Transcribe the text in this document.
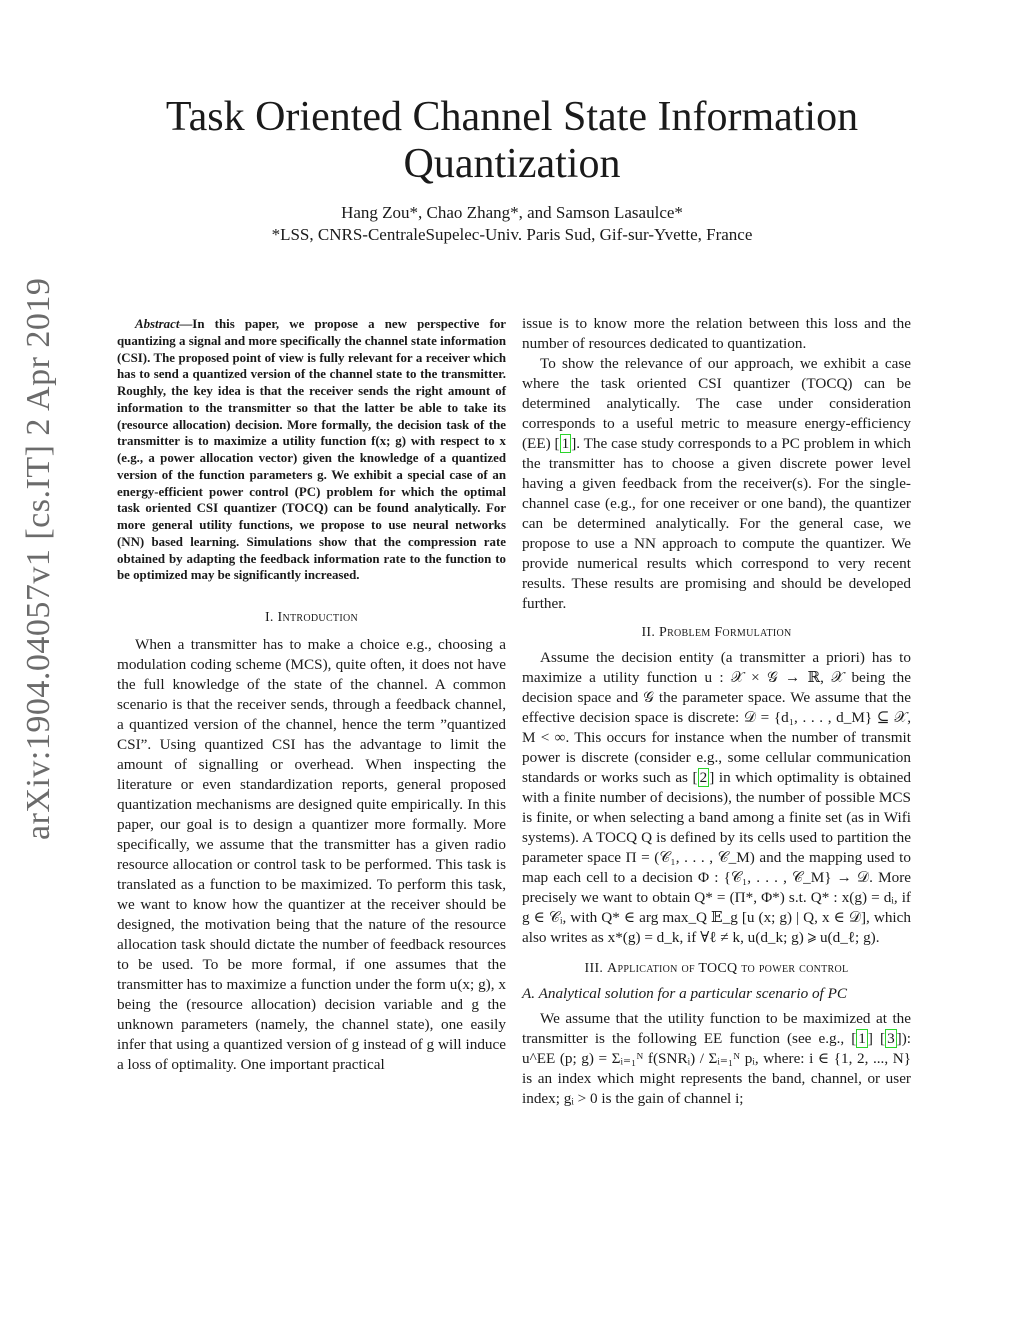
arXiv:1904.04057v1 [cs.IT] 2 Apr 2019
Task Oriented Channel State Information
Quantization
Hang Zou*, Chao Zhang*, and Samson Lasaulce*
*LSS, CNRS-CentraleSupelec-Univ. Paris Sud, Gif-sur-Yvette, France

Abstract—In this paper, we propose a new perspective for quantizing a signal and more specifically the channel state information (CSI). The proposed point of view is fully relevant for a receiver which has to send a quantized version of the channel state to the transmitter. Roughly, the key idea is that the receiver sends the right amount of information to the transmitter so that the latter be able to take its (resource allocation) decision. More formally, the decision task of the transmitter is to maximize a utility function f(x; g) with respect to x (e.g., a power allocation vector) given the knowledge of a quantized version of the function parameters g. We exhibit a special case of an energy-efficient power control (PC) problem for which the optimal task oriented CSI quantizer (TOCQ) can be found analytically. For more general utility functions, we propose to use neural networks (NN) based learning. Simulations show that the compression rate obtained by adapting the feedback information rate to the function to be optimized may be significantly increased.

I. Introduction

When a transmitter has to make a choice e.g., choosing a modulation coding scheme (MCS), quite often, it does not have the full knowledge of the state of the channel. A common scenario is that the receiver sends, through a feedback channel, a quantized version of the channel, hence the term ”quantized CSI”. Using quantized CSI has the advantage to limit the amount of signalling or overhead. When inspecting the literature or even standardization reports, general proposed quantization mechanisms are designed quite empirically. In this paper, our goal is to design a quantizer more formally. More specifically, we assume that the transmitter has a given radio resource allocation or control task to be performed. This task is translated as a function to be maximized. To perform this task, we want to know how the quantizer at the receiver should be designed, the motivation being that the nature of the resource allocation task should dictate the number of feedback resources to be used. To be more formal, if one assumes that the transmitter has to maximize a function under the form u(x; g), x being the (resource allocation) decision variable and g the unknown parameters (namely, the channel state), one easily infer that using a quantized version of g instead of g will induce a loss of optimality. One important practical

issue is to know more the relation between this loss and the number of resources dedicated to quantization.

To show the relevance of our approach, we exhibit a case where the task oriented CSI quantizer (TOCQ) can be determined analytically. The case under consideration corresponds to a useful metric to measure energy-efficiency (EE) [ 1 ]. The case study corresponds to a PC problem in which the transmitter has to choose a given discrete power level having a given feedback from the receiver(s). For the single-channel case (e.g., for one receiver or one band), the quantizer can be determined analytically. For the general case, we propose to use a NN approach to compute the quantizer. We provide numerical results which correspond to very recent results. These results are promising and should be developed further.

II. Problem Formulation

Assume the decision entity (a transmitter a priori) has to maximize a utility function u : 𝒳 × 𝒢 → ℝ, 𝒳 being the decision space and 𝒢 the parameter space. We assume that the effective decision space is discrete: 𝒟 = {d₁, . . . , d_M} ⊆ 𝒳, M < ∞. This occurs for instance when the number of transmit power is discrete (consider e.g., some cellular communication standards or works such as [ 2 ] in which optimality is obtained with a finite number of decisions), the number of possible MCS is finite, or when selecting a band among a finite set (as in Wifi systems). A TOCQ Q is defined by its cells used to partition the parameter space Π = (𝒞₁, . . . , 𝒞_M) and the mapping used to map each cell to a decision Φ : {𝒞₁, . . . , 𝒞_M} → 𝒟. More precisely we want to obtain Q* = (Π*, Φ*) s.t. Q* : x(g) = dᵢ, if g ∈ 𝒞ᵢ, with Q* ∈ arg max_Q 𝔼_g [u (x; g) | Q, x ∈ 𝒟], which also writes as x*(g) = d_k, if ∀ℓ ≠ k, u(d_k; g) ⩾ u(d_ℓ; g).

III. Application of TOCQ to power control

A. Analytical solution for a particular scenario of PC

We assume that the utility function to be maximized at the transmitter is the following EE function (see e.g., [ 1 ] [ 3 ]): u^EE (p; g) = Σᵢ₌₁ᴺ f(SNRᵢ) / Σᵢ₌₁ᴺ pᵢ, where: i ∈ {1, 2, ..., N} is an index which might represents the band, channel, or user index; gᵢ > 0 is the gain of channel i;
